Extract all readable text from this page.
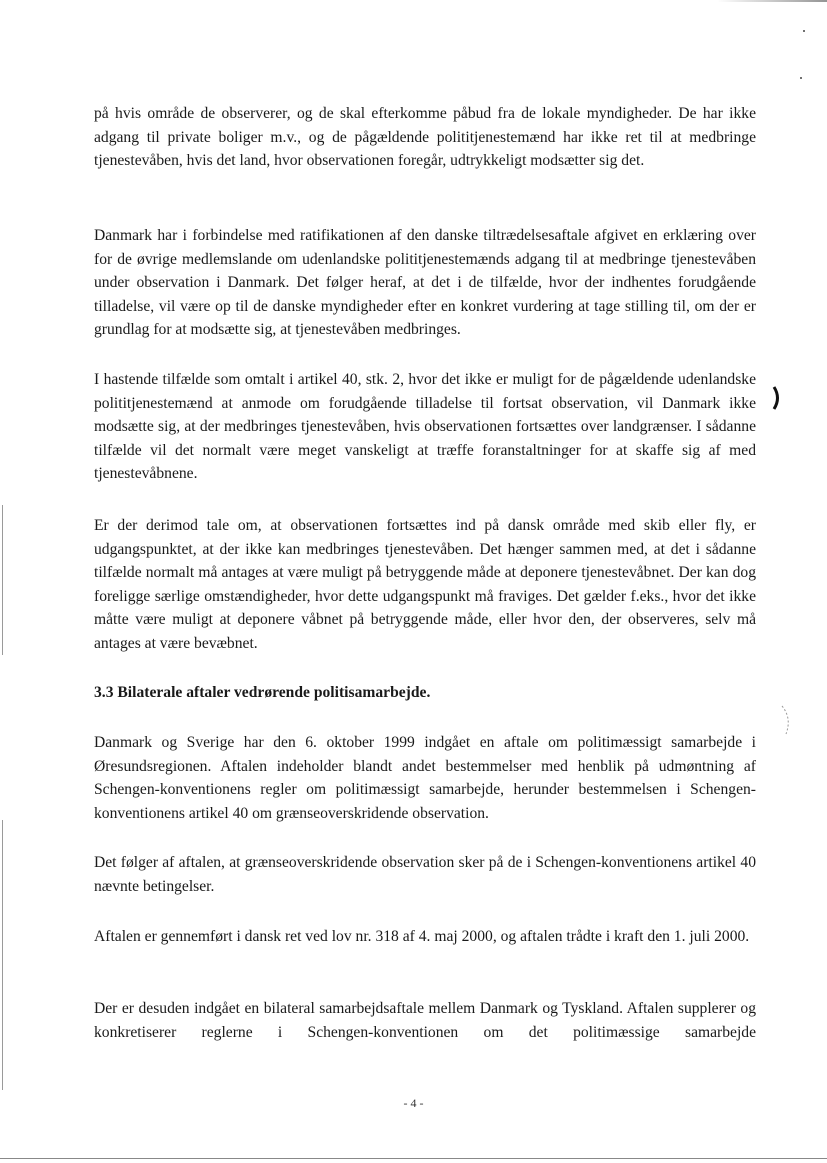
på hvis område de observerer, og de skal efterkomme påbud fra de lokale myndigheder. De har ikke adgang til private boliger m.v., og de pågældende polititjenestemænd har ikke ret til at medbringe tjenestevåben, hvis det land, hvor observationen foregår, udtrykkeligt modsætter sig det.
Danmark har i forbindelse med ratifikationen af den danske tiltrædelsesaftale afgivet en erklæring over for de øvrige medlemslande om udenlandske polititjenestemænds adgang til at medbringe tjenestevåben under observation i Danmark. Det følger heraf, at det i de tilfælde, hvor der indhentes forudgående tilladelse, vil være op til de danske myndigheder efter en konkret vurdering at tage stilling til, om der er grundlag for at modsætte sig, at tjenestevåben medbringes.
I hastende tilfælde som omtalt i artikel 40, stk. 2, hvor det ikke er muligt for de pågældende udenlandske polititjenestemænd at anmode om forudgående tilladelse til fortsat observation, vil Danmark ikke modsætte sig, at der medbringes tjenestevåben, hvis observationen fortsættes over landgrænser. I sådanne tilfælde vil det normalt være meget vanskeligt at træffe foranstaltninger for at skaffe sig af med tjenestevåbnene.
Er der derimod tale om, at observationen fortsættes ind på dansk område med skib eller fly, er udgangspunktet, at der ikke kan medbringes tjenestevåben. Det hænger sammen med, at det i sådanne tilfælde normalt må antages at være muligt på betryggende måde at deponere tjenestevåbnet. Der kan dog foreligge særlige omstændigheder, hvor dette udgangspunkt må fraviges. Det gælder f.eks., hvor det ikke måtte være muligt at deponere våbnet på betryggende måde, eller hvor den, der observeres, selv må antages at være bevæbnet.
3.3 Bilaterale aftaler vedrørende politisamarbejde.
Danmark og Sverige har den 6. oktober 1999 indgået en aftale om politimæssigt samarbejde i Øresundsregionen. Aftalen indeholder blandt andet bestemmelser med henblik på udmøntning af Schengen-konventionens regler om politimæssigt samarbejde, herunder bestemmelsen i Schengen-konventionens artikel 40 om grænseoverskridende observation.
Det følger af aftalen, at grænseoverskridende observation sker på de i Schengen-konventionens artikel 40 nævnte betingelser.
Aftalen er gennemført i dansk ret ved lov nr. 318 af 4. maj 2000, og aftalen trådte i kraft den 1. juli 2000.
Der er desuden indgået en bilateral samarbejdsaftale mellem Danmark og Tyskland. Aftalen supplerer og konkretiserer reglerne i Schengen-konventionen om det politimæssige samarbejde
- 4 -
